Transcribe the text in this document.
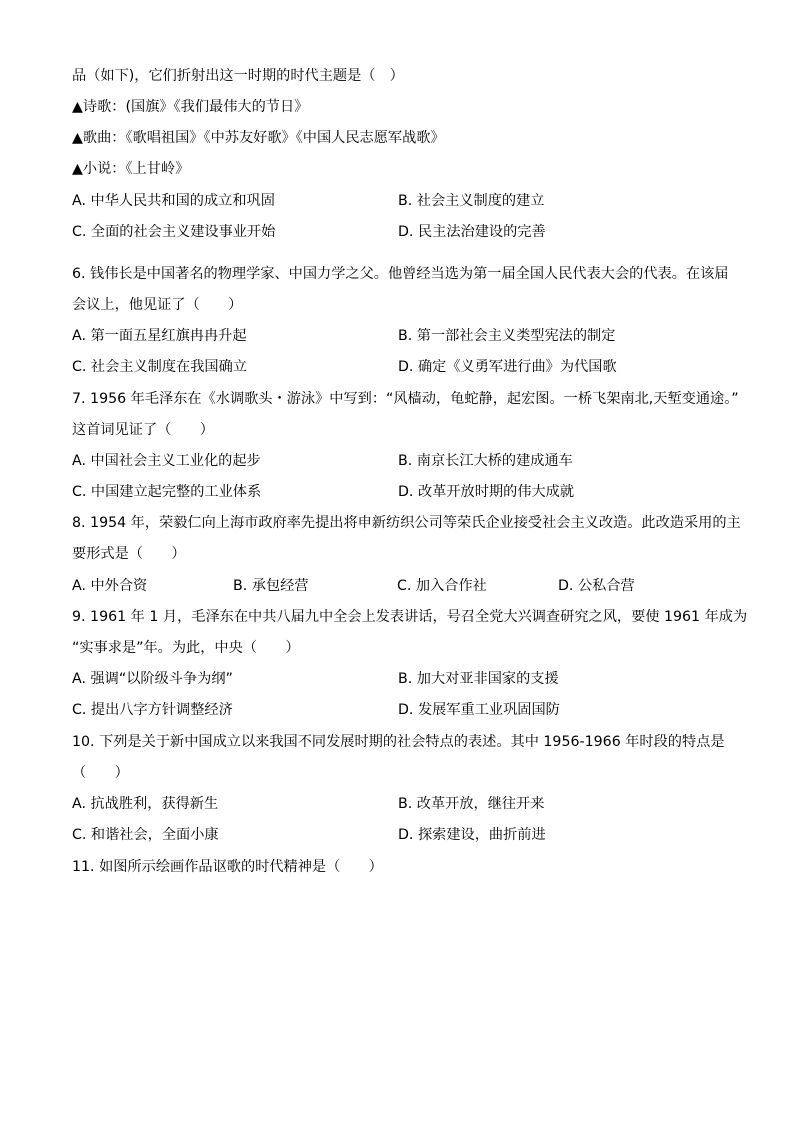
品（如下)，它们折射出这一时期的时代主题是（　）
▲诗歌：(国旗》《我们最伟大的节日》
▲歌曲：《歌唱祖国》《中苏友好歌》《中国人民志愿军战歌》
▲小说：《上甘岭》
A. 中华人民共和国的成立和巩固	B. 社会主义制度的建立
C. 全面的社会主义建设事业开始	D. 民主法治建设的完善
6. 钱伟长是中国著名的物理学家、中国力学之父。他曾经当选为第一届全国人民代表大会的代表。在该届
会议上，他见证了（　　）
A. 第一面五星红旗冉冉升起	B. 第一部社会主义类型宪法的制定
C. 社会主义制度在我国确立	D. 确定《义勇军进行曲》为代国歌
7. 1956 年毛泽东在《水调歌头・游泳》中写到：“风樯动，龟蛇静，起宏图。一桥飞架南北,天堑变通途。”
这首词见证了（　　）
A. 中国社会主义工业化的起步	B. 南京长江大桥的建成通车
C. 中国建立起完整的工业体系	D. 改革开放时期的伟大成就
8. 1954 年，荣毅仁向上海市政府率先提出将申新纺织公司等荣氏企业接受社会主义改造。此改造采用的主
要形式是（　　）
A. 中外合资	B. 承包经营	C. 加入合作社	D. 公私合营
9. 1961 年 1 月，毛泽东在中共八届九中全会上发表讲话，号召全党大兴调查研究之风，要使 1961 年成为
“实事求是”年。为此，中央（　　）
A. 强调“以阶级斗争为纲”	B. 加大对亚非国家的支援
C. 提出八字方针调整经济	D. 发展军重工业巩固国防
10. 下列是关于新中国成立以来我国不同发展时期的社会特点的表述。其中 1956-1966 年时段的特点是
（　　）
A. 抗战胜利，获得新生	B. 改革开放，继往开来
C. 和谐社会，全面小康	D. 探索建设，曲折前进
11. 如图所示绘画作品讴歌的时代精神是（　　）
